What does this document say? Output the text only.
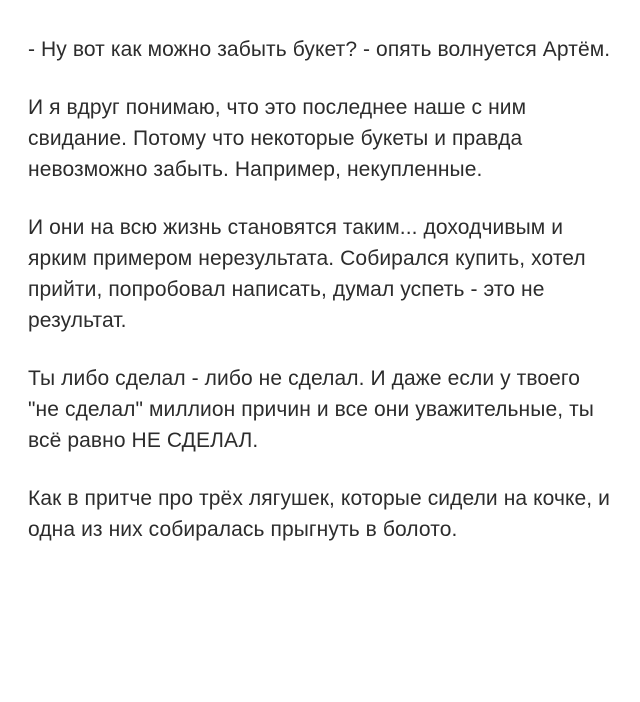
- Ну вот как можно забыть букет? - опять волнуется Артём.

И я вдруг понимаю, что это последнее наше с ним свидание. Потому что некоторые букеты и правда невозможно забыть. Например, некупленные.

И они на всю жизнь становятся таким... доходчивым и ярким примером нерезультата. Собирался купить, хотел прийти, попробовал написать, думал успеть - это не результат.

Ты либо сделал - либо не сделал. И даже если у твоего "не сделал" миллион причин и все они уважительные, ты всё равно НЕ СДЕЛАЛ.

Как в притче про трёх лягушек, которые сидели на кочке, и одна из них собиралась прыгнуть в болото.
